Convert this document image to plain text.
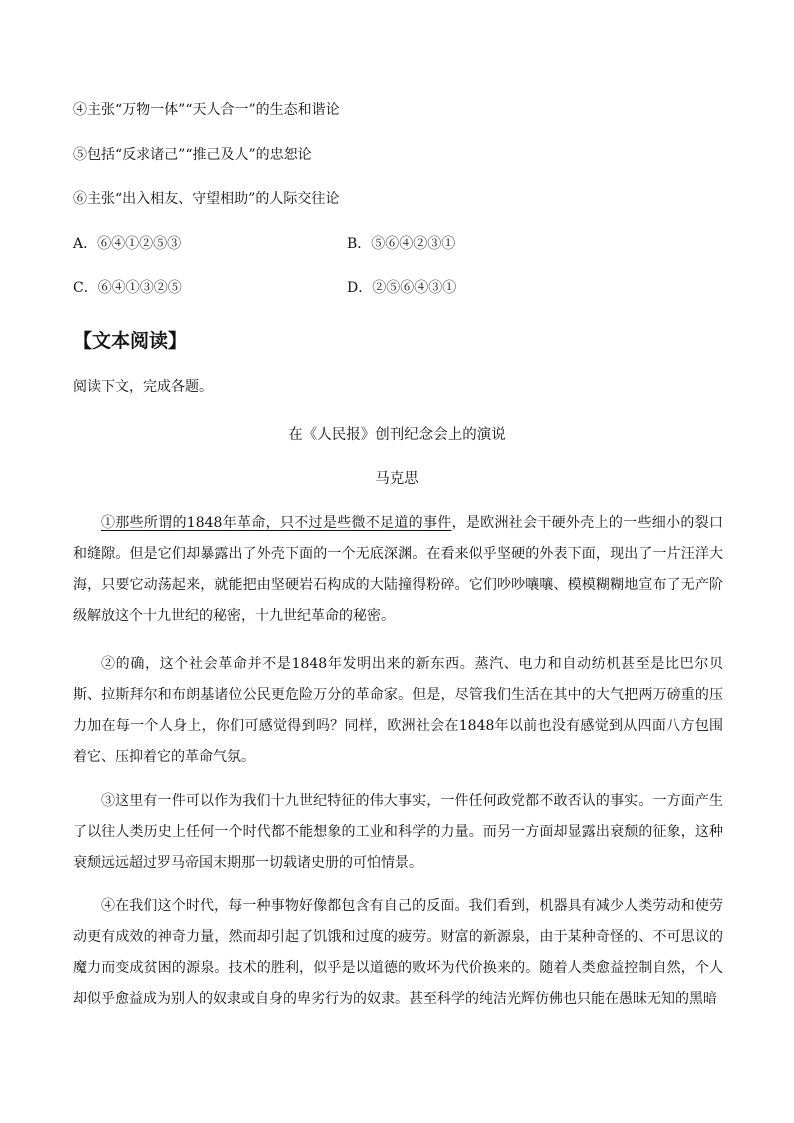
④主张“万物一体”“天人合一”的生态和谐论
⑤包括“反求诸己”“推己及人”的忠恕论
⑥主张“出入相友、守望相助”的人际交往论
A．⑥④①②⑤③	B．⑤⑥④②③①
C．⑥④①③②⑤	D．②⑤⑥④③①
【文本阅读】
阅读下文，完成各题。
在《人民报》创刊纪念会上的演说
马克思

①那些所谓的1848年革命，只不过是些微不足道的事件，是欧洲社会干硬外壳上的一些细小的裂口和缝隙。但是它们却暴露出了外壳下面的一个无底深渊。在看来似乎坚硬的外表下面，现出了一片汪洋大海，只要它动荡起来，就能把由坚硬岩石构成的大陆撞得粉碎。它们吵吵嚷嚷、模模糊糊地宣布了无产阶级解放这个十九世纪的秘密，十九世纪革命的秘密。

②的确，这个社会革命并不是1848年发明出来的新东西。蒸汽、电力和自动纺机甚至是比巴尔贝斯、拉斯拜尔和布朗基诸位公民更危险万分的革命家。但是，尽管我们生活在其中的大气把两万磅重的压力加在每一个人身上，你们可感觉得到吗？同样，欧洲社会在1848年以前也没有感觉到从四面八方包围着它、压抑着它的革命气氛。

③这里有一件可以作为我们十九世纪特征的伟大事实，一件任何政党都不敢否认的事实。一方面产生了以往人类历史上任何一个时代都不能想象的工业和科学的力量。而另一方面却显露出衰颓的征象，这种衰颓远远超过罗马帝国末期那一切载诸史册的可怕情景。

④在我们这个时代，每一种事物好像都包含有自己的反面。我们看到，机器具有减少人类劳动和使劳动更有成效的神奇力量，然而却引起了饥饿和过度的疲劳。财富的新源泉，由于某种奇怪的、不可思议的魔力而变成贫困的源泉。技术的胜利，似乎是以道德的败坏为代价换来的。随着人类愈益控制自然，个人却似乎愈益成为别人的奴隶或自身的卑劣行为的奴隶。甚至科学的纯洁光辉仿佛也只能在愚昧无知的黑暗
